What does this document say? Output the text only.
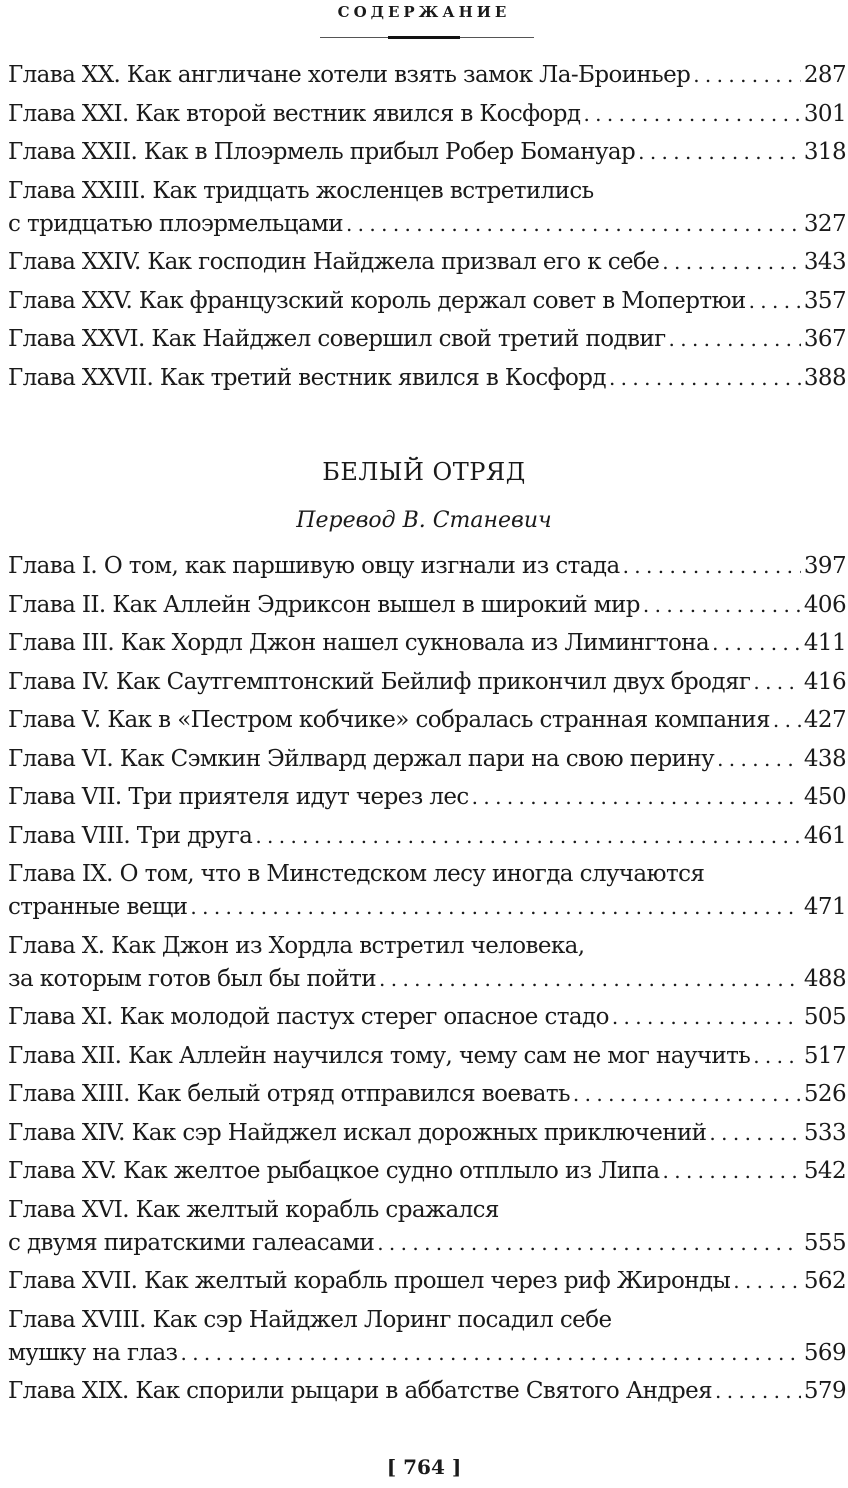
СОДЕРЖАНИЕ
Глава XX. Как англичане хотели взять замок Ла-Броиньер . . .	287
Глава XXI. Как второй вестник явился в Косфорд . . .	301
Глава XXII. Как в Плоэрмель прибыл Робер Бомануар . . .	318
Глава XXIII. Как тридцать жосленцев встретились
с тридцатью плоэрмельцами . . .	327
Глава XXIV. Как господин Найджела призвал его к себе . . .	343
Глава XXV. Как французский король держал совет в Мопертюи . . .	357
Глава XXVI. Как Найджел совершил свой третий подвиг . . .	367
Глава XXVII. Как третий вестник явился в Косфорд . . .	388
БЕЛЫЙ ОТРЯД
Перевод В. Станевич
Глава I. О том, как паршивую овцу изгнали из стада . . .	397
Глава II. Как Аллейн Эдриксон вышел в широкий мир . . .	406
Глава III. Как Хордл Джон нашел сукновала из Лимингтона . . .	411
Глава IV. Как Саутгемптонский Бейлиф прикончил двух бродяг . . . 416
Глава V. Как в «Пестром кобчике» собралась странная компания . . . 427
Глава VI. Как Сэмкин Эйлвард держал пари на свою перину . . .	438
Глава VII. Три приятеля идут через лес . . .	450
Глава VIII. Три друга . . .	461
Глава IX. О том, что в Минстедском лесу иногда случаются
странные вещи . . .	471
Глава X. Как Джон из Хордла встретил человека,
за которым готов был бы пойти . . .	488
Глава XI. Как молодой пастух стерег опасное стадо . . .	505
Глава XII. Как Аллейн научился тому, чему сам не мог научить . . . 517
Глава XIII. Как белый отряд отправился воевать . . .	526
Глава XIV. Как сэр Найджел искал дорожных приключений . . .	533
Глава XV. Как желтое рыбацкое судно отплыло из Липа . . .	542
Глава XVI. Как желтый корабль сражался
с двумя пиратскими галеасами . . .	555
Глава XVII. Как желтый корабль прошел через риф Жиронды . . .	562
Глава XVIII. Как сэр Найджел Лоринг посадил себе
мушку на глаз . . .	569
Глава XIX. Как спорили рыцари в аббатстве Святого Андрея . . .	579
[ 764 ]
